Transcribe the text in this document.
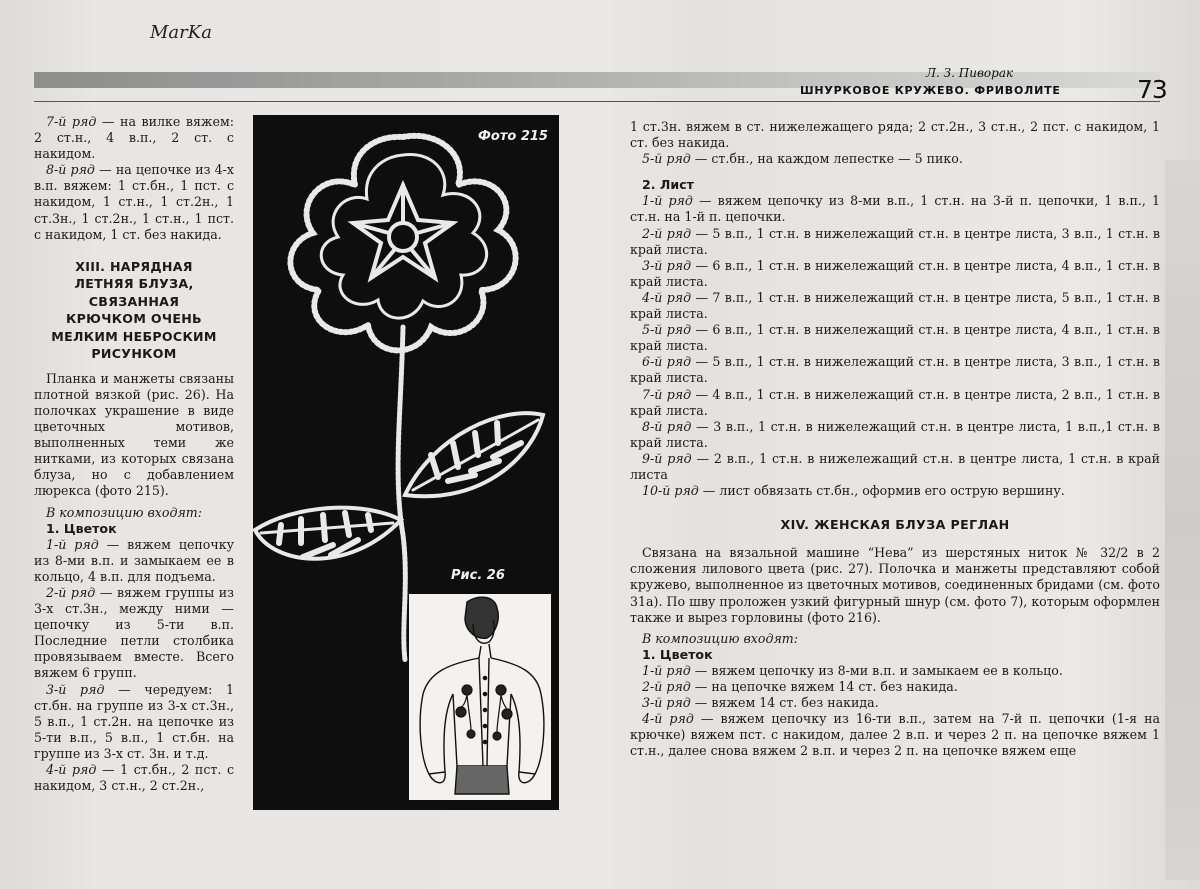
MarKa
Л. З. Пиворак
ШНУРКОВОЕ КРУЖЕВО. ФРИВОЛИТЕ	73

7-й ряд — на вилке вяжем: 2 ст.н., 4 в.п., 2 ст. с накидом.

8-й ряд — на цепочке из 4-х в.п. вяжем: 1 ст.бн., 1 пст. с накидом, 1 ст.н., 1 ст.2н., 1 ст.3н., 1 ст.2н., 1 ст.н., 1 пст. с накидом, 1 ст. без накида.

XIII. НАРЯДНАЯ
ЛЕТНЯЯ БЛУЗА,
СВЯЗАННАЯ
КРЮЧКОМ ОЧЕНЬ
МЕЛКИМ НЕБРОСКИМ
РИСУНКОМ

Планка и манжеты связаны плотной вязкой (рис. 26). На полочках украшение в виде цветочных мотивов, выполненных теми же нитками, из которых связана блуза, но с добавлением люрекса (фото 215).

В композицию входят:

1. Цветок

1-й ряд — вяжем цепочку из 8-ми в.п. и замыкаем ее в кольцо, 4 в.п. для подъема.

2-й ряд — вяжем группы из 3-х ст.3н., между ними — цепочку из 5-ти в.п. Последние петли столбика провязываем вместе. Всего вяжем 6 групп.

3-й ряд — чередуем: 1 ст.бн. на группе из 3-х ст.3н., 5 в.п., 1 ст.2н. на цепочке из 5-ти в.п., 5 в.п., 1 ст.бн. на группе из 3-х ст. 3н. и т.д.

4-й ряд — 1 ст.бн., 2 пст. с накидом, 3 ст.н., 2 ст.2н.,

Фото 215
Рис. 26

1 ст.3н. вяжем в ст. нижележащего ряда; 2 ст.2н., 3 ст.н., 2 пст. с накидом, 1 ст. без накида.

5-й ряд — ст.бн., на каждом лепестке — 5 пико.

2. Лист

1-й ряд — вяжем цепочку из 8-ми в.п., 1 ст.н. на 3-й п. цепочки, 1 в.п., 1 ст.н. на 1-й п. цепочки.

2-й ряд — 5 в.п., 1 ст.н. в нижележащий ст.н. в центре листа, 3 в.п., 1 ст.н. в край листа.

3-й ряд — 6 в.п., 1 ст.н. в нижележащий ст.н. в центре листа, 4 в.п., 1 ст.н. в край листа.

4-й ряд — 7 в.п., 1 ст.н. в нижележащий ст.н. в центре листа, 5 в.п., 1 ст.н. в край листа.

5-й ряд — 6 в.п., 1 ст.н. в нижележащий ст.н. в центре листа, 4 в.п., 1 ст.н. в край листа.

6-й ряд — 5 в.п., 1 ст.н. в нижележащий ст.н. в центре листа, 3 в.п., 1 ст.н. в край листа.

7-й ряд — 4 в.п., 1 ст.н. в нижележащий ст.н. в центре листа, 2 в.п., 1 ст.н. в край листа.

8-й ряд — 3 в.п., 1 ст.н. в нижележащий ст.н. в центре листа, 1 в.п.,1 ст.н. в край листа.

9-й ряд — 2 в.п., 1 ст.н. в нижележащий ст.н. в центре листа, 1 ст.н. в край листа

10-й ряд — лист обвязать ст.бн., оформив его острую вершину.

XIV. ЖЕНСКАЯ БЛУЗА РЕГЛАН

Связана на вязальной машине “Нева” из шерстяных ниток № 32/2 в 2 сложения лилового цвета (рис. 27). Полочка и манжеты представляют собой кружево, выполненное из цветочных мотивов, соединенных бридами (см. фото 31а). По шву проложен узкий фигурный шнур (см. фото 7), которым оформлен также и вырез горловины (фото 216).

В композицию входят:

1. Цветок

1-й ряд — вяжем цепочку из 8-ми в.п. и замыкаем ее в кольцо.

2-й ряд — на цепочке вяжем 14 ст. без накида.

3-й ряд — вяжем 14 ст. без накида.

4-й ряд — вяжем цепочку из 16-ти в.п., затем на 7-й п. цепочки (1-я на крючке) вяжем пст. с накидом, далее 2 в.п. и через 2 п. на цепочке вяжем 1 ст.н., далее снова вяжем 2 в.п. и через 2 п. на цепочке вяжем еще
